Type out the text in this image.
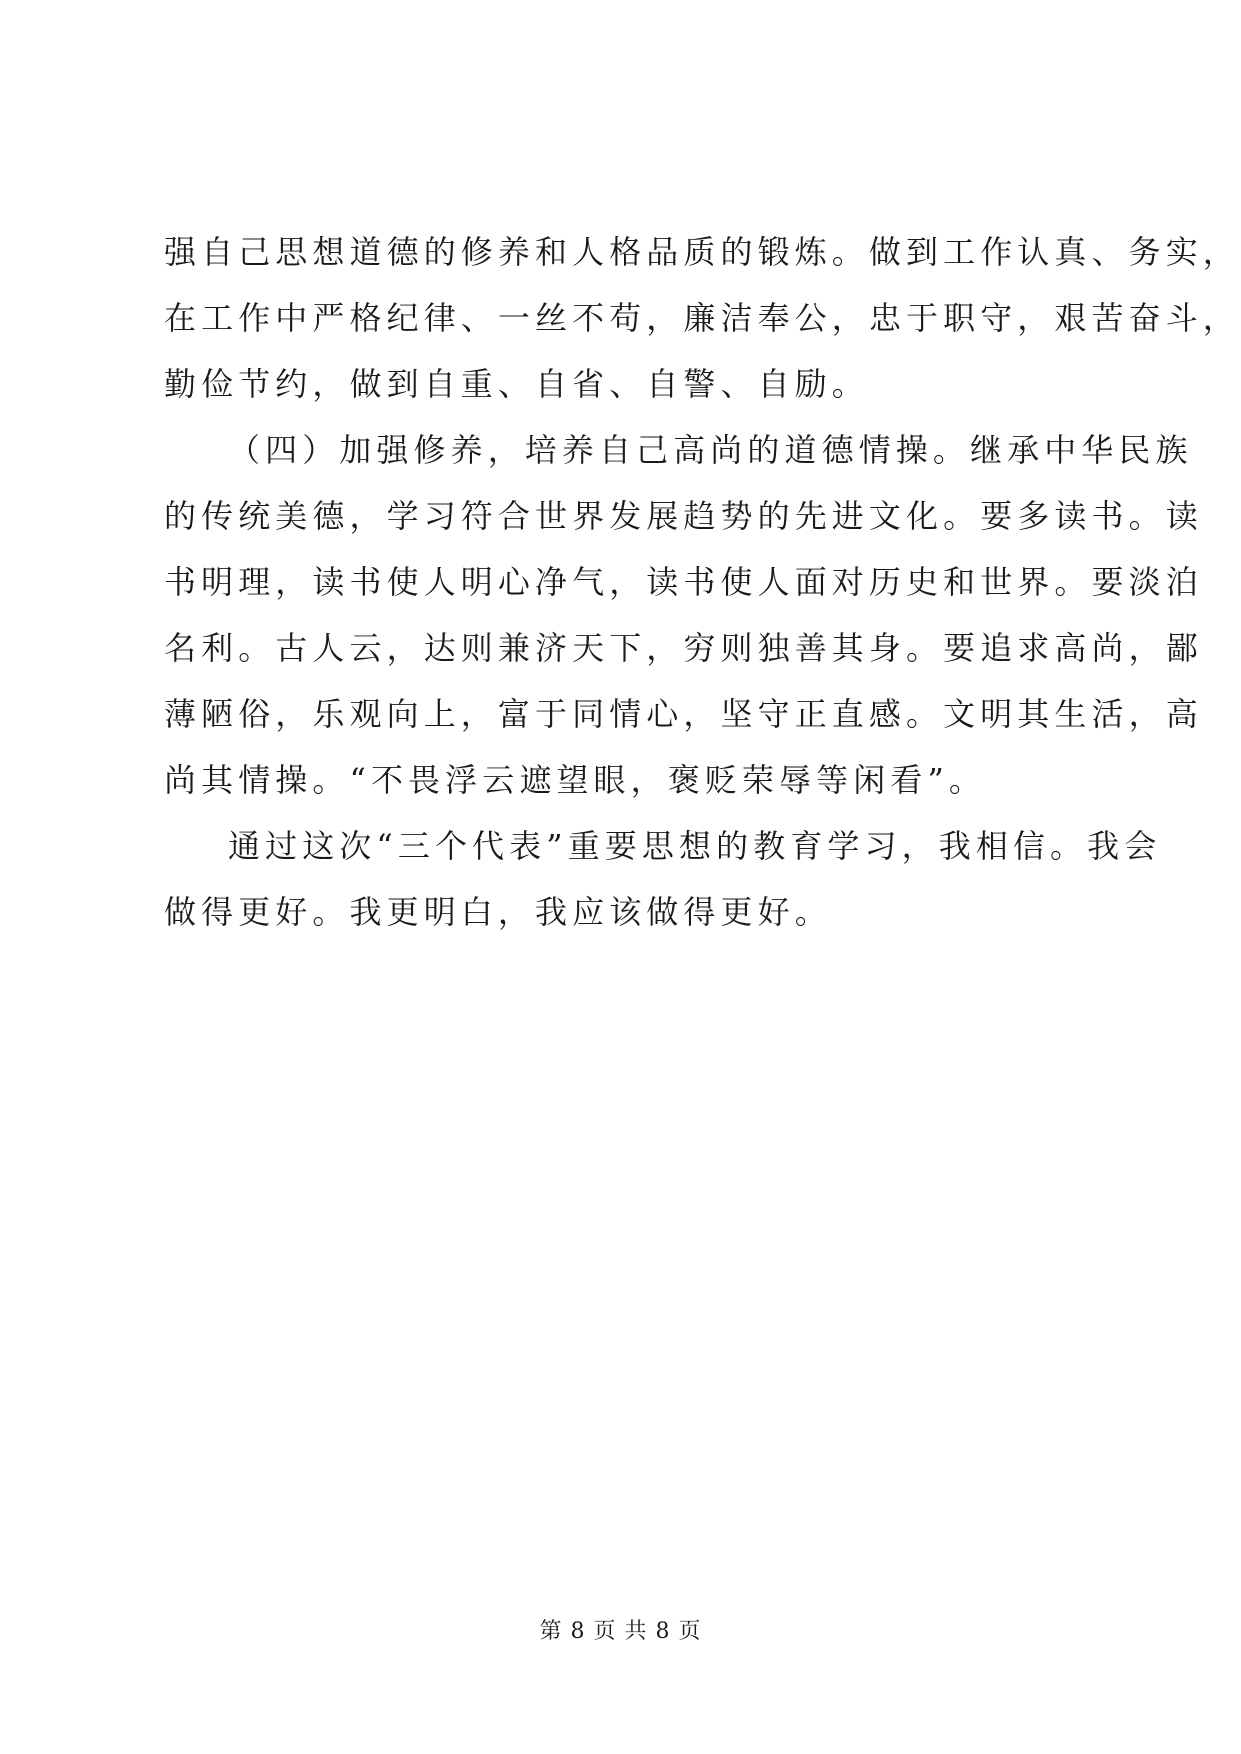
强自己思想道德的修养和人格品质的锻炼。做到工作认真、务实，
在工作中严格纪律、一丝不苟，廉洁奉公，忠于职守，艰苦奋斗，
勤俭节约，做到自重、自省、自警、自励。
（四）加强修养，培养自己高尚的道德情操。继承中华民族
的传统美德，学习符合世界发展趋势的先进文化。要多读书。读
书明理，读书使人明心净气，读书使人面对历史和世界。要淡泊
名利。古人云，达则兼济天下，穷则独善其身。要追求高尚，鄙
薄陋俗，乐观向上，富于同情心，坚守正直感。文明其生活，高
尚其情操。“不畏浮云遮望眼，褒贬荣辱等闲看”。
通过这次“三个代表”重要思想的教育学习，我相信。我会
做得更好。我更明白，我应该做得更好。
第 8 页 共 8 页
